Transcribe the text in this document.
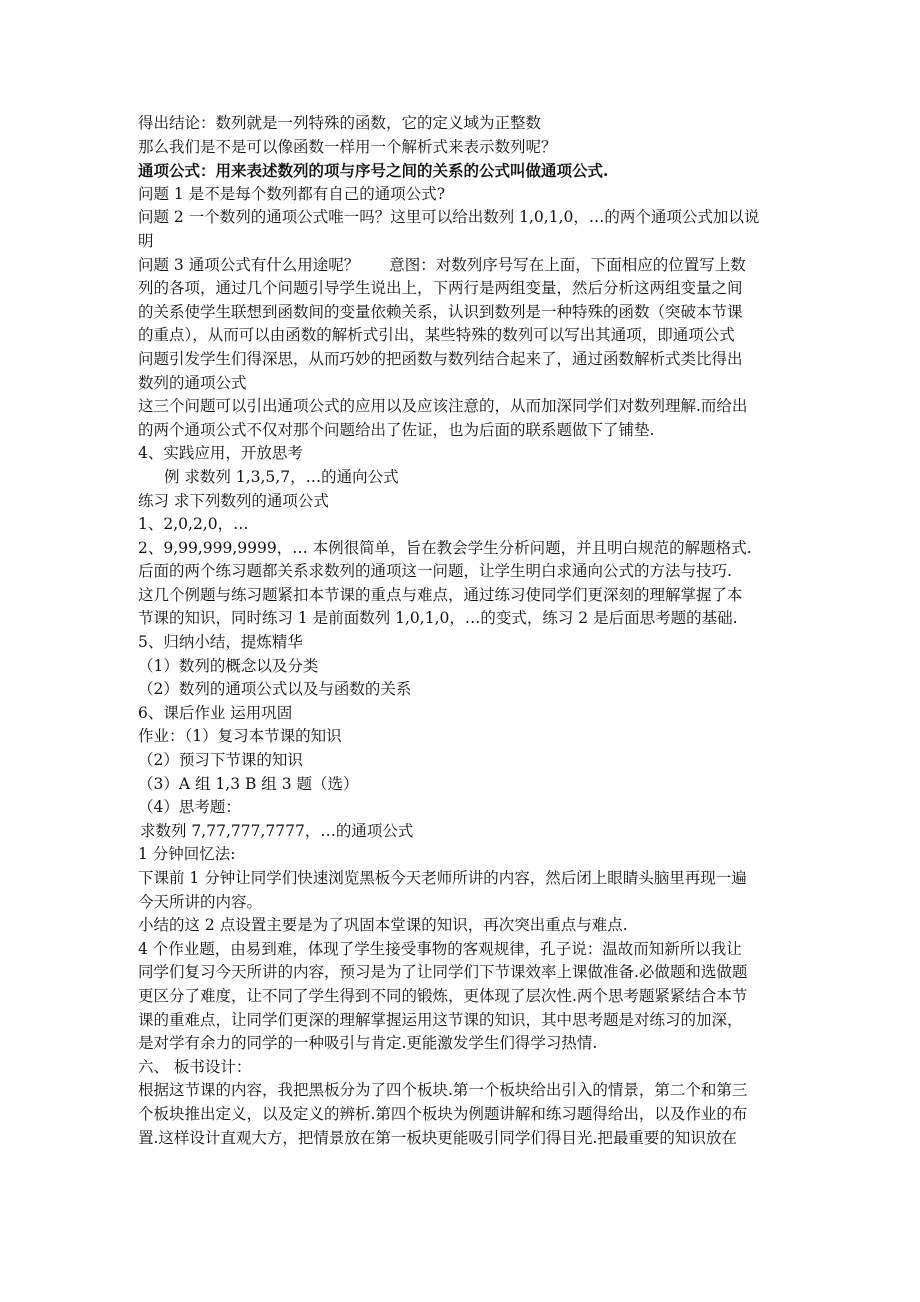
得出结论：数列就是一列特殊的函数，它的定义域为正整数
那么我们是不是可以像函数一样用一个解析式来表示数列呢？
通项公式：用来表述数列的项与序号之间的关系的公式叫做通项公式.
问题 1 是不是每个数列都有自己的通项公式?
问题 2 一个数列的通项公式唯一吗？这里可以给出数列 1,0,1,0，…的两个通项公式加以说
明
问题 3 通项公式有什么用途呢？ 意图：对数列序号写在上面，下面相应的位置写上数
列的各项，通过几个问题引导学生说出上，下两行是两组变量，然后分析这两组变量之间
的关系使学生联想到函数间的变量依赖关系，认识到数列是一种特殊的函数（突破本节课
的重点），从而可以由函数的解析式引出，某些特殊的数列可以写出其通项，即通项公式
问题引发学生们得深思，从而巧妙的把函数与数列结合起来了，通过函数解析式类比得出
数列的通项公式
这三个问题可以引出通项公式的应用以及应该注意的，从而加深同学们对数列理解.而给出
的两个通项公式不仅对那个问题给出了佐证，也为后面的联系题做下了铺垫.
4、实践应用，开放思考
例 求数列 1,3,5,7，…的通向公式
练习 求下列数列的通项公式
1、2,0,2,0，…
2、9,99,999,9999，… 本例很简单，旨在教会学生分析问题，并且明白规范的解题格式.
后面的两个练习题都关系求数列的通项这一问题，让学生明白求通向公式的方法与技巧.
这几个例题与练习题紧扣本节课的重点与难点，通过练习使同学们更深刻的理解掌握了本
节课的知识，同时练习 1 是前面数列 1,0,1,0，…的变式，练习 2 是后面思考题的基础.
5、归纳小结，提炼精华
（1）数列的概念以及分类
（2）数列的通项公式以及与函数的关系
6、课后作业 运用巩固
作业：（1）复习本节课的知识
（2）预习下节课的知识
（3）A 组 1,3 B 组 3 题（选）
（4）思考题：
求数列 7,77,777,7777，…的通项公式
1 分钟回忆法:
下课前 1 分钟让同学们快速浏览黑板今天老师所讲的内容，然后闭上眼睛头脑里再现一遍
今天所讲的内容。
小结的这 2 点设置主要是为了巩固本堂课的知识，再次突出重点与难点.
4 个作业题，由易到难，体现了学生接受事物的客观规律，孔子说：温故而知新所以我让
同学们复习今天所讲的内容，预习是为了让同学们下节课效率上课做准备.必做题和选做题
更区分了难度，让不同了学生得到不同的锻炼，更体现了层次性.两个思考题紧紧结合本节
课的重难点，让同学们更深的理解掌握运用这节课的知识，其中思考题是对练习的加深，
是对学有余力的同学的一种吸引与肯定.更能激发学生们得学习热情.
六、 板书设计：
根据这节课的内容，我把黑板分为了四个板块.第一个板块给出引入的情景，第二个和第三
个板块推出定义，以及定义的辨析.第四个板块为例题讲解和练习题得给出，以及作业的布
置.这样设计直观大方，把情景放在第一板块更能吸引同学们得目光.把最重要的知识放在
